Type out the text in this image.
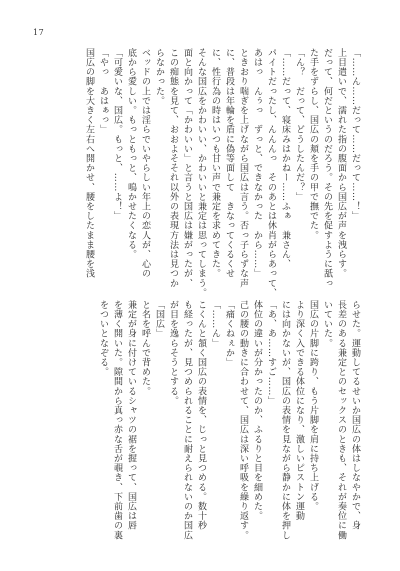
17
「……ん……だって……だって……！」
上目遣いで、濡れた指の腹面から国広が声を洩らす。
だって、何だというのだろう。その先を促すように舐っ
た手をずらし、国広の頬を手の甲で撫でた。
「ん？　だって、どうしたんだ？」
「……だって、寝床みはかねー……ふぁ　兼さん、
パイトだったし、んんんっ　そのあとは休肖がらあって、
あはっ　んぅっ　ずっと、できなかった　から……」
ときおり喘ぎを上げながら国広は言う。否っ子らずな声
に、普段は年輪を盾に偽等面して　きなってくるくせ
に、性行為の時はいつも甘い声で兼定を求めてきた。
そんな国広をかわいい、かわいいと兼定は思ってしまう。
面と向かって「かわいい」と言うと国広は嫌がったが、
この痴態を見て、おおよそそれ以外の表現方法は見つか
らなかった。
ベッドの上では淫らでいやらしい年上の恋人が、心の
底から愛しい。もっともっと、鳴かせたくなる。
「可愛いな、国広。もっと、……よ！」
「やっ　あはぁっ」
国広の脚を大きく左右へ開かせ、腰をしたまま腰を浅
らせた。運動してるせいか国広の体はしなやかで、身
長差のある兼定とのセックスのときも、それが奏位に働
いていた。
国広の片脚に跨り、もう片脚を肩に持ち上げる。
より深く入できる体位になり、激しいピストン運動
には向かないが、国広の表情を見ながら静かに体を押し
「あ、あ……すご……」
体位の違いが分かったのか、ふるりと目を細めた。
己の腰の動きに合わせて、国広は深い呼吸を繰り返す。
「痛くねぇか」
「……ん」
こくんと頷く国広の表情を、じっと見つめる。数十秒
も経ったが、見つめられることに耐えられないのか国広
が目を逸らそうとする。
「国広」
と名を呼んで背めた。
兼定が身に付けているシャツの裾を握って、国広は唇
を薄く開いた。隙間から真っ赤な舌が覗き、下前歯の裏
をついとなぞる。
